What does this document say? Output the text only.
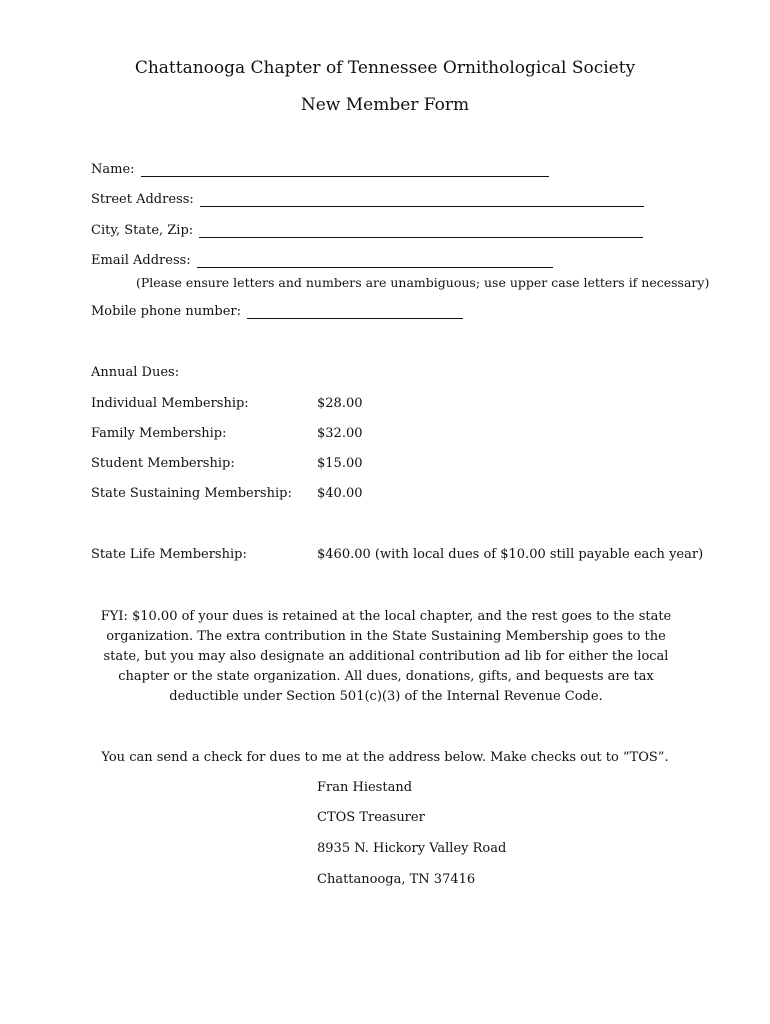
Chattanooga Chapter of Tennessee Ornithological Society
New Member Form
Name:
Street Address:
City, State, Zip:
Email Address:
(Please ensure letters and numbers are unambiguous; use upper case letters if necessary)
Mobile phone number:
Annual Dues:
Individual Membership:	$28.00
Family Membership:	$32.00
Student Membership:	$15.00
State Sustaining Membership: $40.00
State Life Membership:	$460.00 (with local dues of $10.00 still payable each year)
FYI: $10.00 of your dues is retained at the local chapter, and the rest goes to the state organization. The extra contribution in the State Sustaining Membership goes to the state, but you may also designate an additional contribution ad lib for either the local chapter or the state organization. All dues, donations, gifts, and bequests are tax deductible under Section 501(c)(3) of the Internal Revenue Code.
You can send a check for dues to me at the address below. Make checks out to “TOS”.
Fran Hiestand
CTOS Treasurer
8935 N. Hickory Valley Road
Chattanooga, TN 37416
